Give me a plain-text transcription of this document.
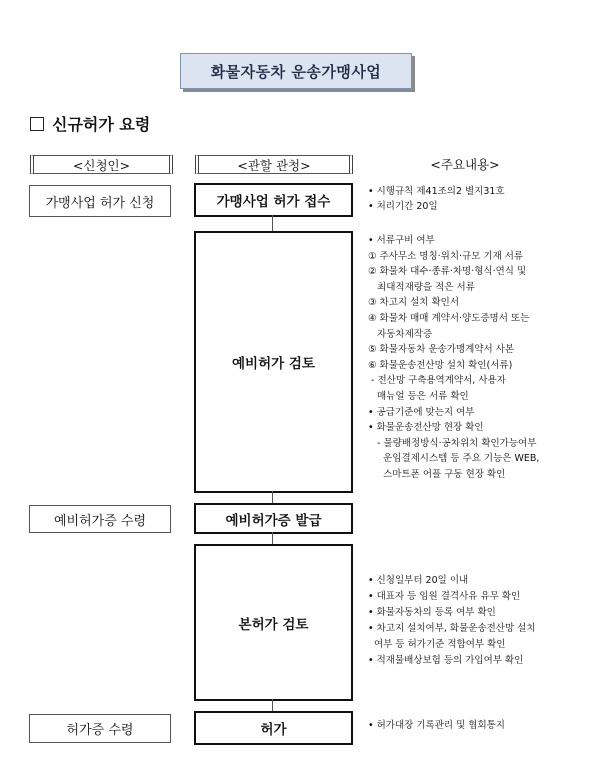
화물자동차 운송가맹사업
신규허가 요령
<신청인>	<관할 관청>	<주요내용>
가맹사업 허가 신청
예비허가증 수령
허가증 수령
가맹사업 허가 접수
예비허가 검토
예비허가증 발급
본허가 검토
허가
• 시행규칙 제41조의2 별지31호
• 처리기간 20일
• 서류구비 여부
① 주사무소 명칭·위치·규모 기재 서류
② 화물차 대수·종류·차명·형식·연식 및
최대적재량을 적은 서류
③ 차고지 설치 확인서
④ 화물차 매매 계약서·양도증명서 또는
자동차제작증
⑤ 화물자동차 운송가맹계약서 사본
⑥ 화물운송전산망 설치 확인(서류)
- 전산망 구축용역계약서, 사용자
매뉴얼 등은 서류 확인
• 공급기준에 맞는지 여부
• 화물운송전산망 현장 확인
- 물량배정방식·공차위치 확인가능여부
운임결제시스템 등 주요 기능은 WEB,
스마트폰 어플 구동 현장 확인
• 신청일부터 20일 이내
• 대표자 등 임원 결격사유 유무 확인
• 화물자동차의 등록 여부 확인
• 차고지 설치여부, 화물운송전산망 설치
여부 등 허가기준 적합여부 확인
• 적재물배상보험 등의 가입여부 확인
• 허가대장 기록관리 및 협회통지
